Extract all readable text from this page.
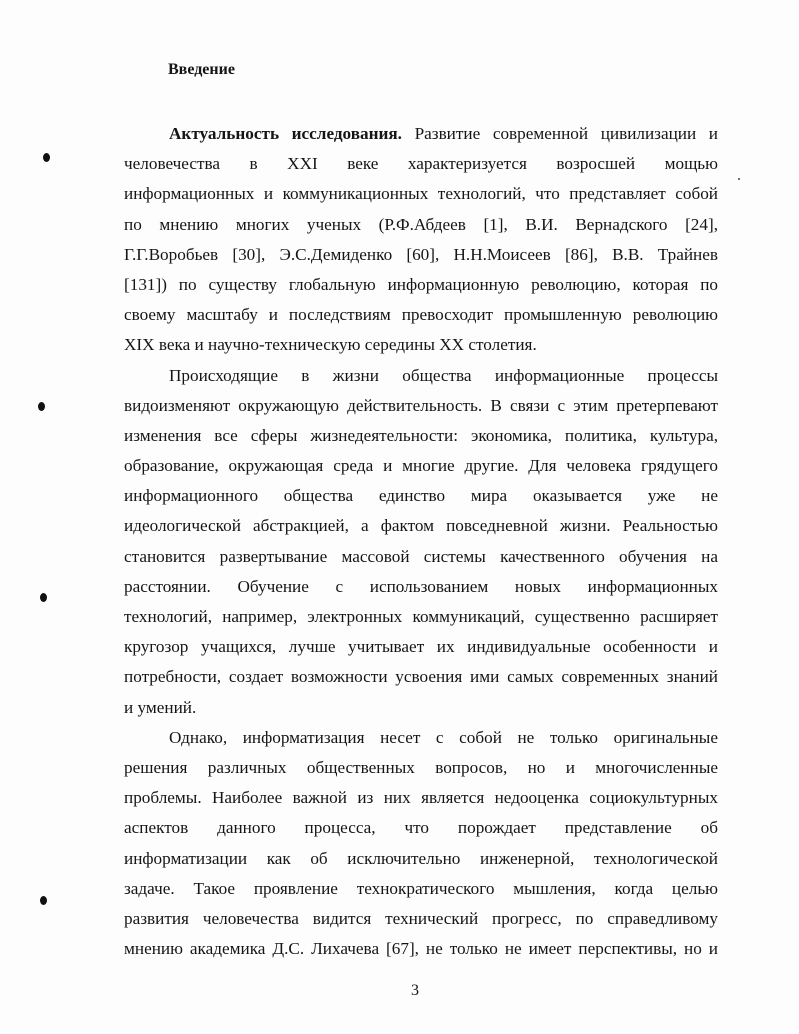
Введение

Актуальность исследования. Развитие современной цивилизации и
человечества в XXI веке характеризуется возросшей мощью
информационных и коммуникационных технологий, что представляет собой
по мнению многих ученых (Р.Ф.Абдеев [1], В.И. Вернадского [24],
Г.Г.Воробьев [30], Э.С.Демиденко [60], Н.Н.Моисеев [86], В.В. Трайнев
[131]) по существу глобальную информационную революцию, которая по
своему масштабу и последствиям превосходит промышленную революцию
XIX века и научно-техническую середины XX столетия.

Происходящие в жизни общества информационные процессы
видоизменяют окружающую действительность. В связи с этим претерпевают
изменения все сферы жизнедеятельности: экономика, политика, культура,
образование, окружающая среда и многие другие. Для человека грядущего
информационного общества единство мира оказывается уже не
идеологической абстракцией, а фактом повседневной жизни. Реальностью
становится развертывание массовой системы качественного обучения на
расстоянии. Обучение с использованием новых информационных
технологий, например, электронных коммуникаций, существенно расширяет
кругозор учащихся, лучше учитывает их индивидуальные особенности и
потребности, создает возможности усвоения ими самых современных знаний
и умений.

Однако, информатизация несет с собой не только оригинальные
решения различных общественных вопросов, но и многочисленные
проблемы. Наиболее важной из них является недооценка социокультурных
аспектов данного процесса, что порождает представление об
информатизации как об исключительно инженерной, технологической
задаче. Такое проявление технократического мышления, когда целью
развития человечества видится технический прогресс, по справедливому
мнению академика Д.С. Лихачева [67], не только не имеет перспективы, но и

3
